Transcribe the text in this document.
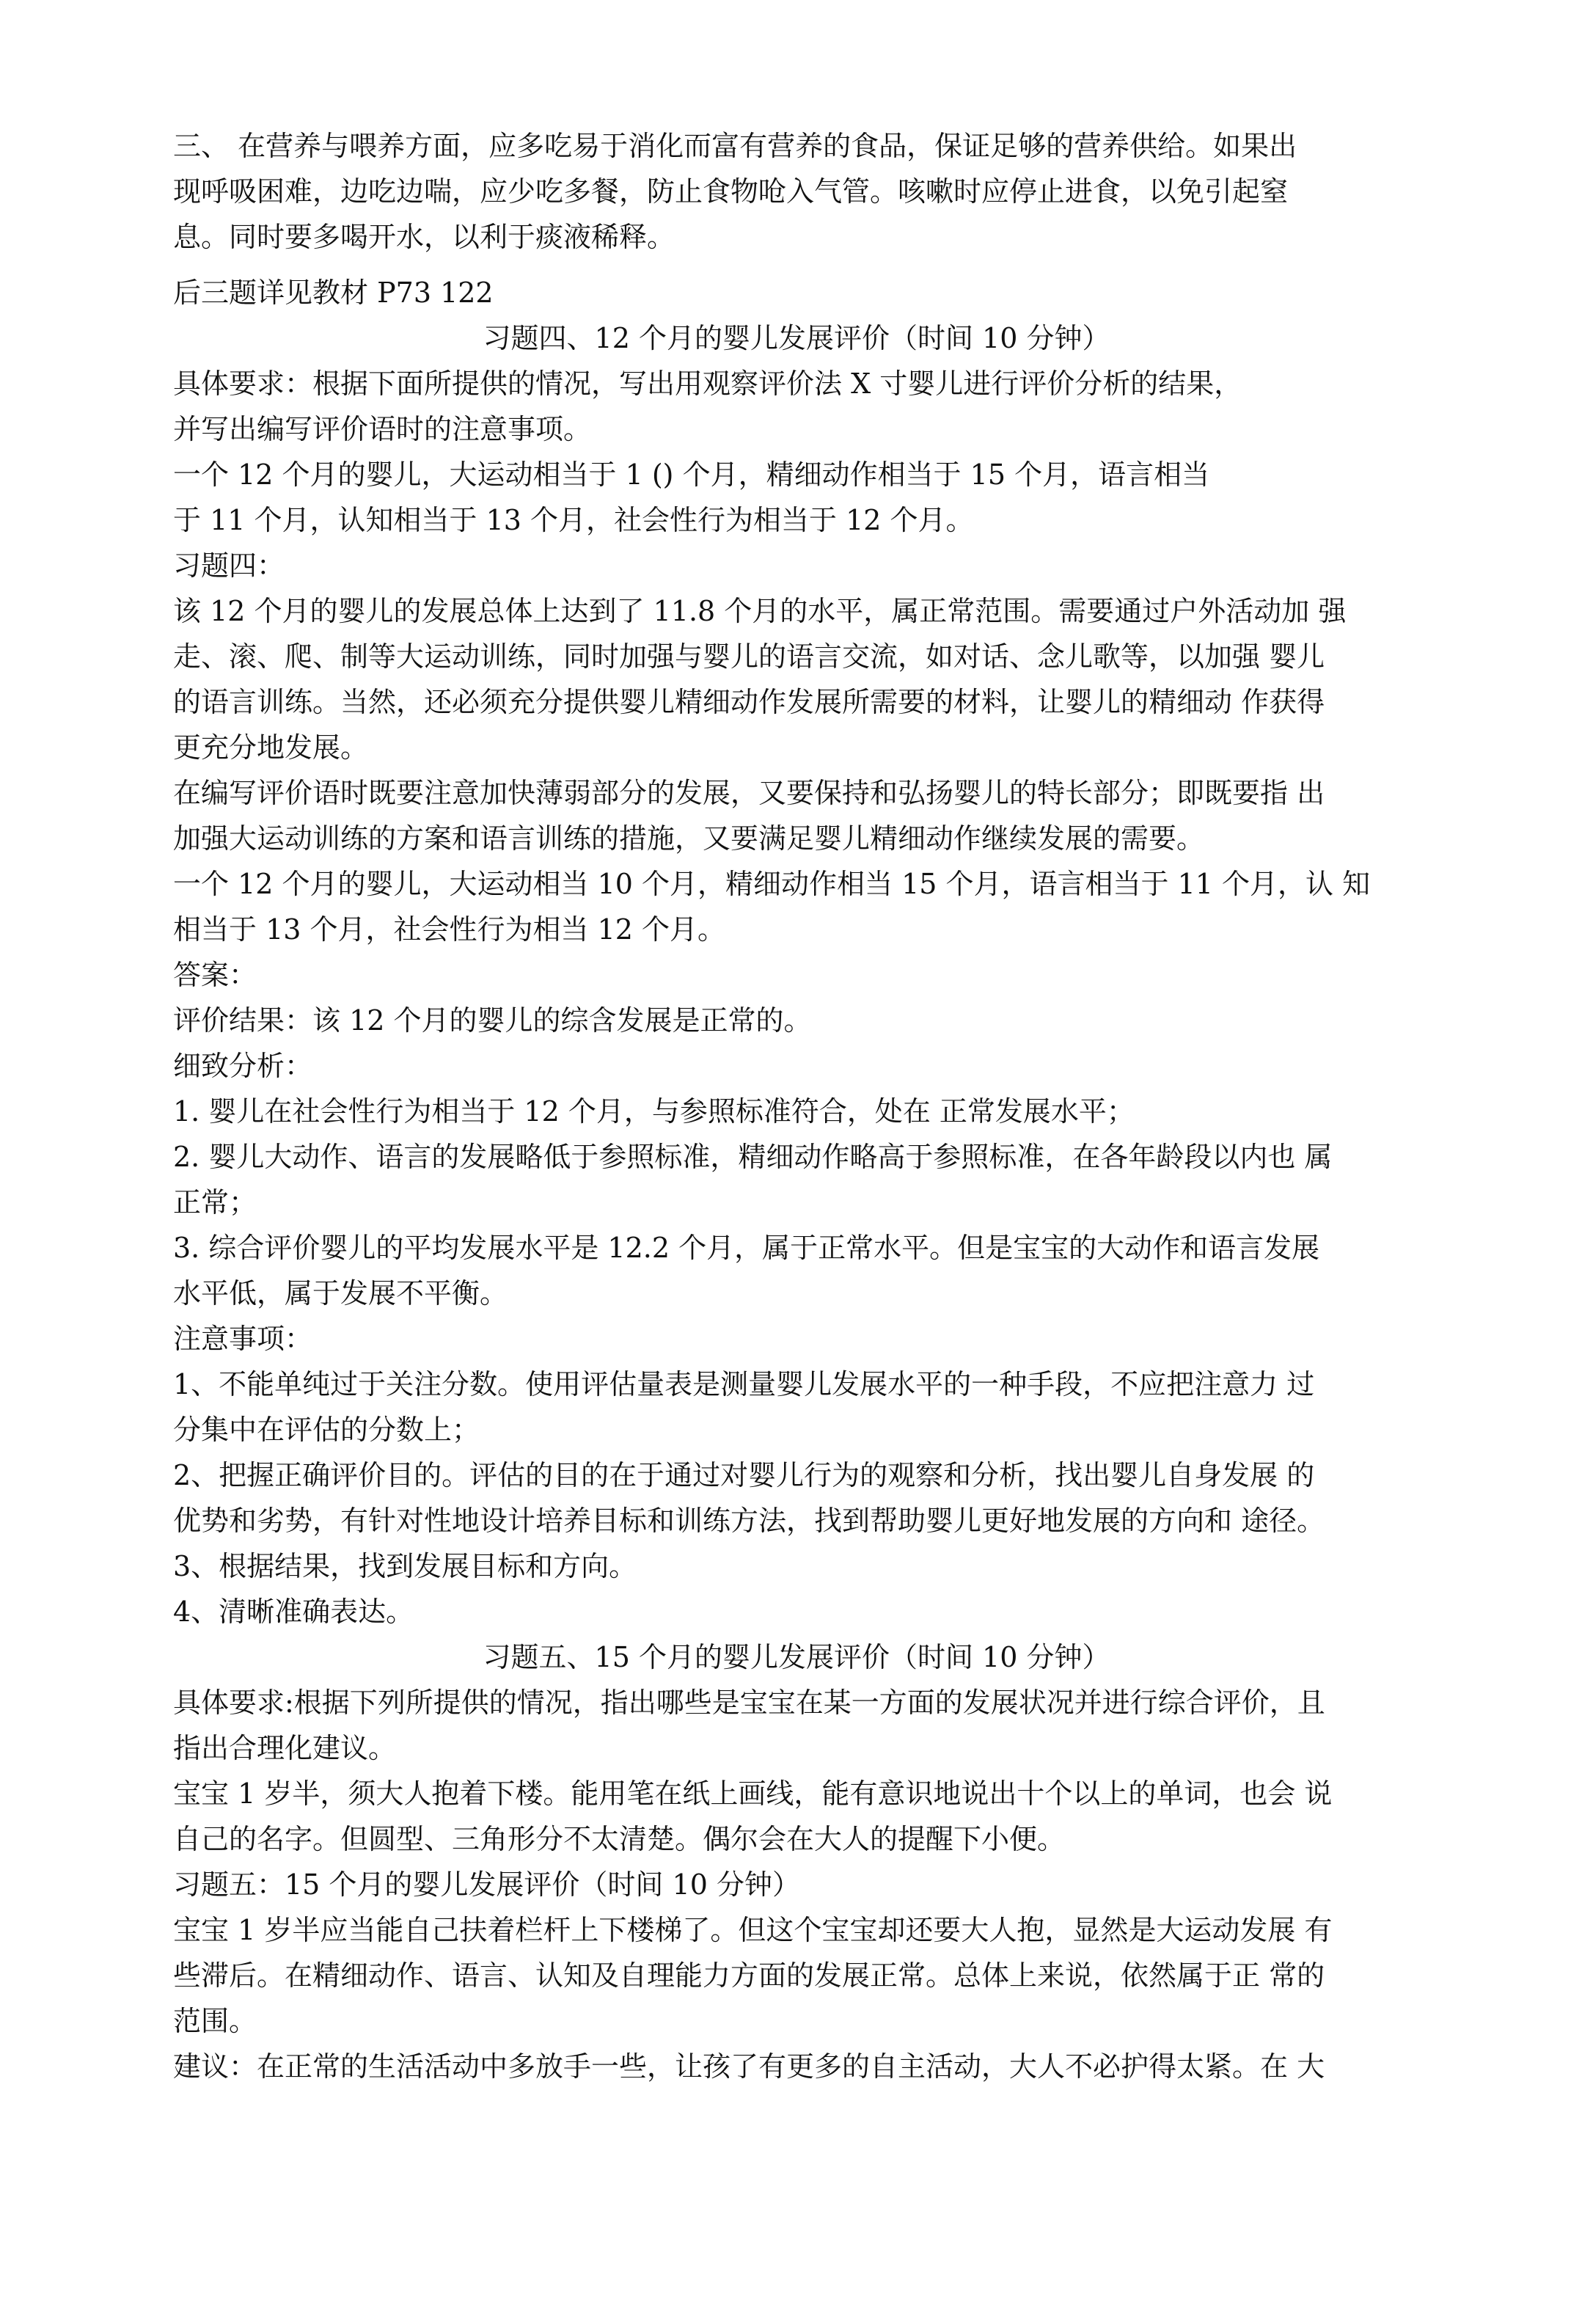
三、 在营养与喂养方面，应多吃易于消化而富有营养的食品，保证足够的营养供给。如果出

现呼吸困难，边吃边喘，应少吃多餐，防止食物呛入气管。咳嗽时应停止进食，以免引起窒

息。同时要多喝开水，以利于痰液稀释。

后三题详见教材 P73 122

习题四、12 个月的婴儿发展评价（时间 10 分钟）

具体要求：根据下面所提供的情况，写出用观察评价法 X 寸婴儿进行评价分析的结果，

并写出编写评价语时的注意事项。

一个 12 个月的婴儿，大运动相当于 1 () 个月，精细动作相当于 15 个月，语言相当

于 11 个月，认知相当于 13 个月，社会性行为相当于 12 个月。

习题四：

该 12 个月的婴儿的发展总体上达到了 11.8 个月的水平，属正常范围。需要通过户外活动加 强

走、滚、爬、制等大运动训练，同时加强与婴儿的语言交流，如对话、念儿歌等，以加强 婴儿

的语言训练。当然，还必须充分提供婴儿精细动作发展所需要的材料，让婴儿的精细动 作获得

更充分地发展。

在编写评价语时既要注意加快薄弱部分的发展，又要保持和弘扬婴儿的特长部分；即既要指 出

加强大运动训练的方案和语言训练的措施，又要满足婴儿精细动作继续发展的需要。

一个 12 个月的婴儿，大运动相当 10 个月，精细动作相当 15 个月，语言相当于 11 个月，认 知

相当于 13 个月，社会性行为相当 12 个月。

答案：

评价结果：该 12 个月的婴儿的综含发展是正常的。

细致分析：

1. 婴儿在社会性行为相当于 12 个月，与参照标准符合，处在 正常发展水平；

2. 婴儿大动作、语言的发展略低于参照标准，精细动作略高于参照标准，在各年龄段以内也 属

正常；

3. 综合评价婴儿的平均发展水平是 12.2 个月，属于正常水平。但是宝宝的大动作和语言发展

水平低，属于发展不平衡。

注意事项：

1、不能单纯过于关注分数。使用评估量表是测量婴儿发展水平的一种手段，不应把注意力 过

分集中在评估的分数上；

2、把握正确评价目的。评估的目的在于通过对婴儿行为的观察和分析，找出婴儿自身发展 的

优势和劣势，有针对性地设计培养目标和训练方法，找到帮助婴儿更好地发展的方向和 途径。

3、根据结果，找到发展目标和方向。

4、清晰准确表达。

习题五、15 个月的婴儿发展评价（时间 10 分钟）

具体要求:根据下列所提供的情况，指出哪些是宝宝在某一方面的发展状况并进行综合评价，且

指出合理化建议。

宝宝 1 岁半，须大人抱着下楼。能用笔在纸上画线，能有意识地说出十个以上的单词，也会 说

自己的名字。但圆型、三角形分不太清楚。偶尔会在大人的提醒下小便。

习题五：15 个月的婴儿发展评价（时间 10 分钟）

宝宝 1 岁半应当能自己扶着栏杆上下楼梯了。但这个宝宝却还要大人抱，显然是大运动发展 有

些滞后。在精细动作、语言、认知及自理能力方面的发展正常。总体上来说，依然属于正 常的

范围。

建议：在正常的生活活动中多放手一些，让孩了有更多的自主活动，大人不必护得太紧。在 大
